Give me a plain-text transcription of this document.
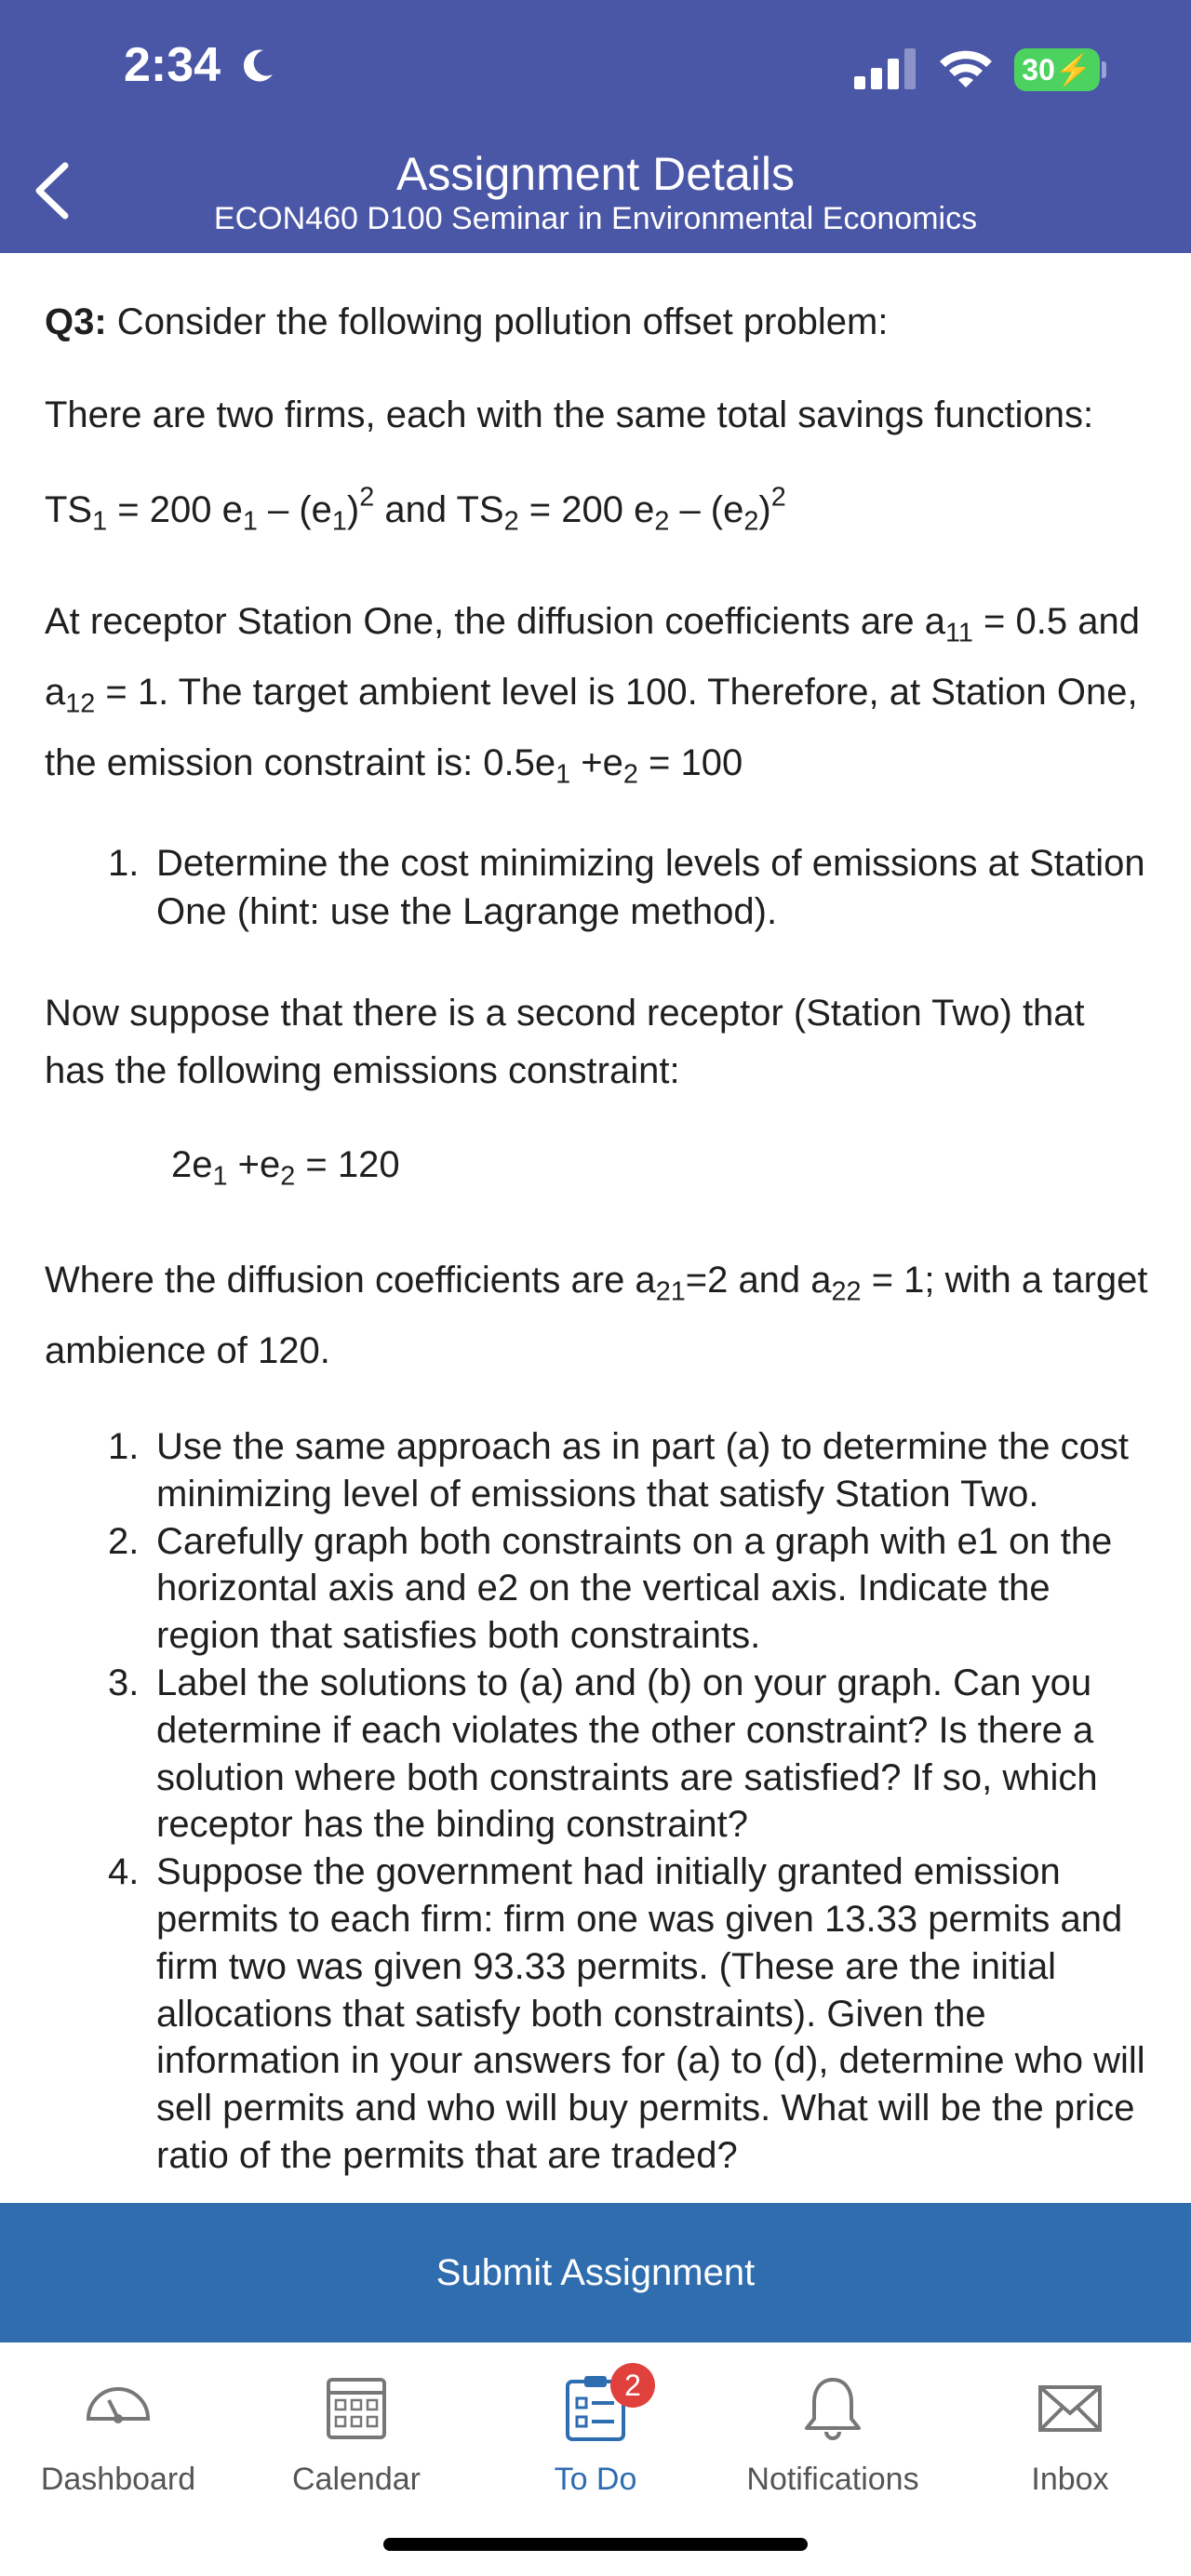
2:34	30 ⚡
Assignment Details
ECON460 D100 Seminar in Environmental Economics

Q3: Consider the following pollution offset problem:

There are two firms, each with the same total savings functions:

$TS_1 = 200$ $e_1 - (e_1)^2$ and $TS_2 = 200$ $e_2 - (e_2)^2$

At receptor Station One, the diffusion coefficients are $a_{11} = 0.5$ and $a_{12} = 1$. The target ambient level is 100. Therefore, at Station One, the emission constraint is: $0.5e_1 +e_2 = 100$

1. Determine the cost minimizing levels of emissions at Station One (hint: use the Lagrange method).

Now suppose that there is a second receptor (Station Two) that has the following emissions constraint:

$2e_1 +e_2 = 120$

Where the diffusion coefficients are $a_{21}=2$ and $a_{22} = 1$; with a target ambience of 120.

1. Use the same approach as in part (a) to determine the cost minimizing level of emissions that satisfy Station Two.
2. Carefully graph both constraints on a graph with e1 on the horizontal axis and e2 on the vertical axis. Indicate the region that satisfies both constraints.
3. Label the solutions to (a) and (b) on your graph. Can you determine if each violates the other constraint? Is there a solution where both constraints are satisfied? If so, which receptor has the binding constraint?
4. Suppose the government had initially granted emission permits to each firm: firm one was given 13.33 permits and firm two was given 93.33 permits. (These are the initial allocations that satisfy both constraints). Given the information in your answers for (a) to (d), determine who will sell permits and who will buy permits. What will be the price ratio of the permits that are traded?
Submit Assignment
Dashboard	Calendar
2
To Do	Notifications	Inbox
